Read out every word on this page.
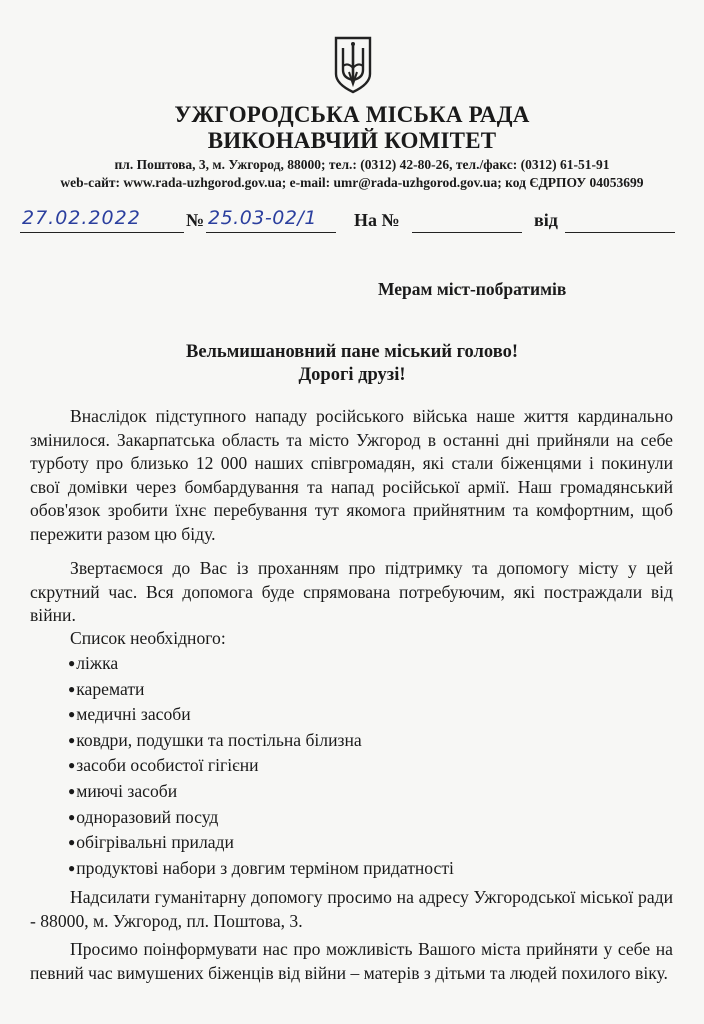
УЖГОРОДСЬКА МІСЬКА РАДА
ВИКОНАВЧИЙ КОМІТЕТ
пл. Поштова, 3, м. Ужгород, 88000; тел.: (0312) 42-80-26, тел./факс: (0312) 61-51-91
web-сайт: www.rada-uzhgorod.gov.ua; e-mail: umr@rada-uzhgorod.gov.ua; код ЄДРПОУ 04053699
27.02.2022	№ 25.03-02/1 На №	від
Мерам міст-побратимів
Вельмишановний пане міський голово!
Дорогі друзі!

Внаслідок підступного нападу російського війська наше життя кардинально змінилося. Закарпатська область та місто Ужгород в останні дні прийняли на себе турботу про близько 12 000 наших співгромадян, які стали біженцями і покинули свої домівки через бомбардування та напад російської армії. Наш громадянський обов'язок зробити їхнє перебування тут якомога прийнятним та комфортним, щоб пережити разом цю біду.

Звертаємося до Вас із проханням про підтримку та допомогу місту у цей скрутний час. Вся допомога буде спрямована потребуючим, які постраждали від війни.

Список необхідного:
●ліжка
●каремати
●медичні засоби
●ковдри, подушки та постільна білизна
●засоби особистої гігієни
●миючі засоби
●одноразовий посуд
●обігрівальні прилади
●продуктові набори з довгим терміном придатності

Надсилати гуманітарну допомогу просимо на адресу Ужгородської міської ради - 88000, м. Ужгород, пл. Поштова, 3.

Просимо поінформувати нас про можливість Вашого міста прийняти у себе на певний час вимушених біженців від війни – матерів з дітьми та людей похилого віку.
